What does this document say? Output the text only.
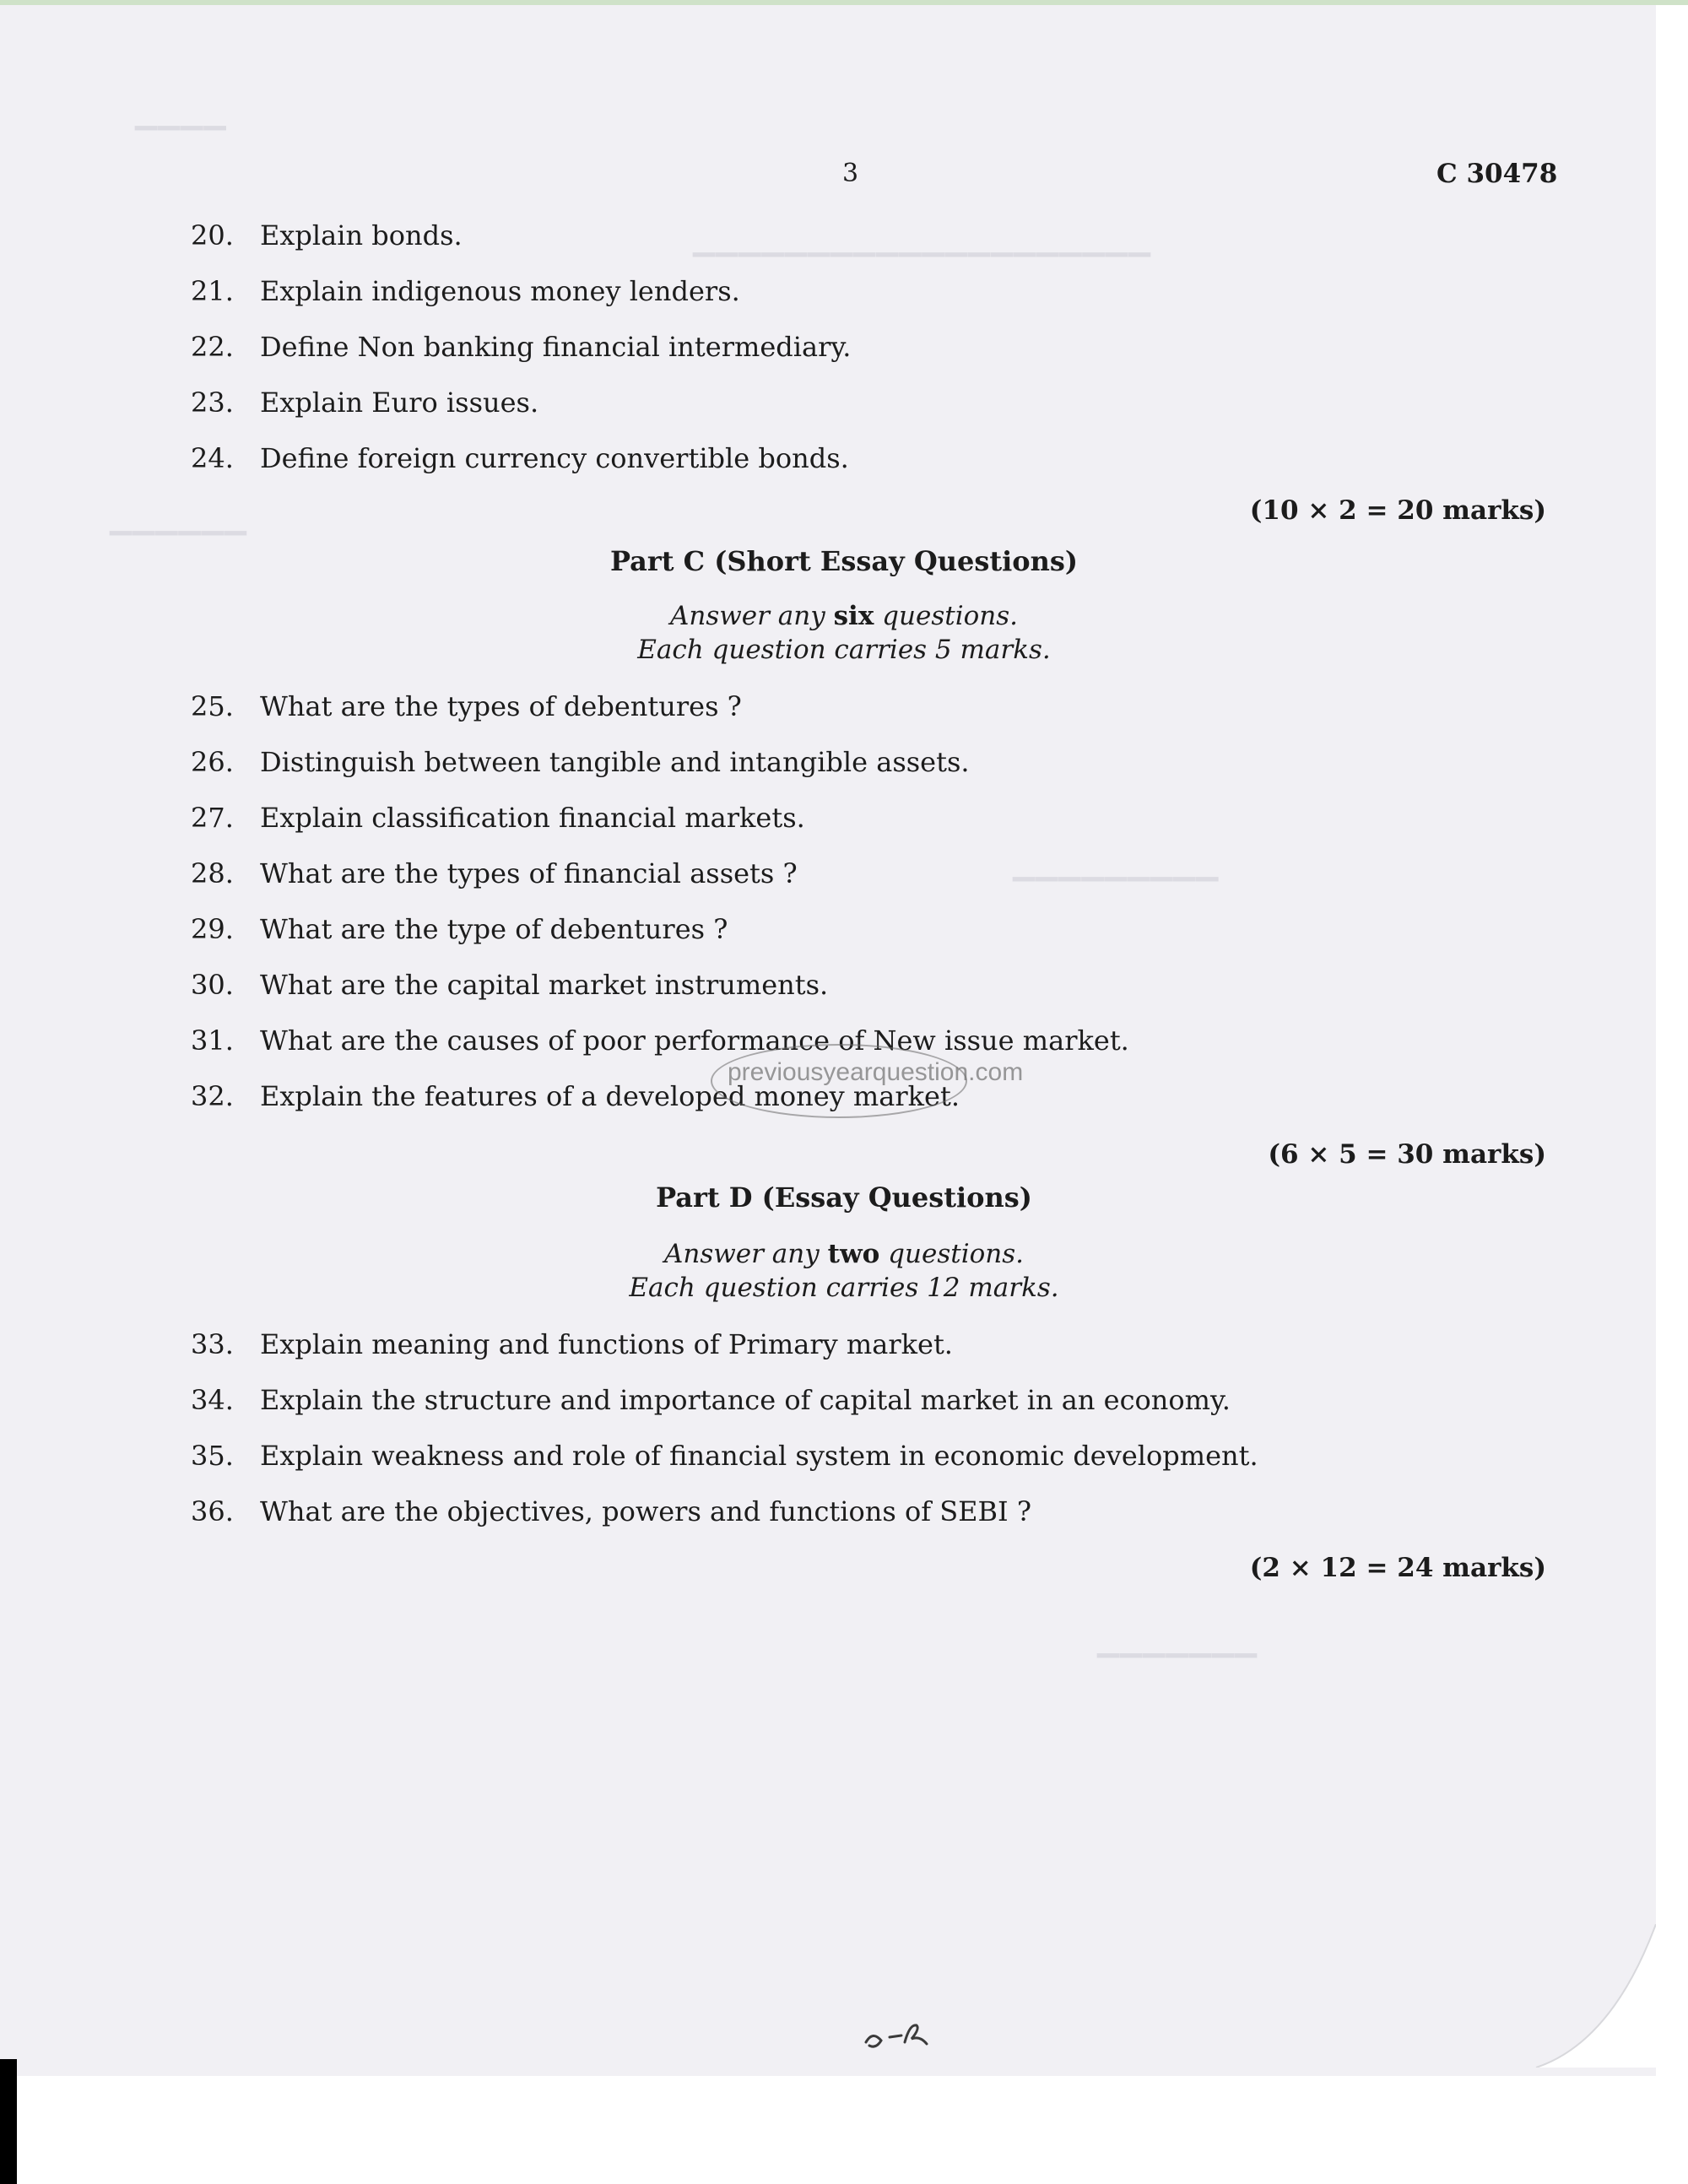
▔▔▔▔
▔▔▔▔▔▔▔▔▔▔▔▔▔▔▔▔▔▔▔▔
▔▔▔▔▔▔
▔▔▔▔▔▔▔▔▔
▔▔▔▔▔▔▔
3	C 30478
20. Explain bonds.
21. Explain indigenous money lenders.
22. Define Non banking financial intermediary.
23. Explain Euro issues.
24. Define foreign currency convertible bonds.
(10 × 2 = 20 marks)
Part C (Short Essay Questions)
Answer any six questions.
Each question carries 5 marks.
25. What are the types of debentures ?
26. Distinguish between tangible and intangible assets.
27. Explain classification financial markets.
28. What are the types of financial assets ?
29. What are the type of debentures ?
30. What are the capital market instruments.
31. What are the causes of poor performance of New issue market.
32. Explain the features of a developed money market.
previousyearquestion.com
(6 × 5 = 30 marks)
Part D (Essay Questions)
Answer any two questions.
Each question carries 12 marks.
33. Explain meaning and functions of Primary market.
34. Explain the structure and importance of capital market in an economy.
35. Explain weakness and role of financial system in economic development.
36. What are the objectives, powers and functions of SEBI ?
(2 × 12 = 24 marks)
